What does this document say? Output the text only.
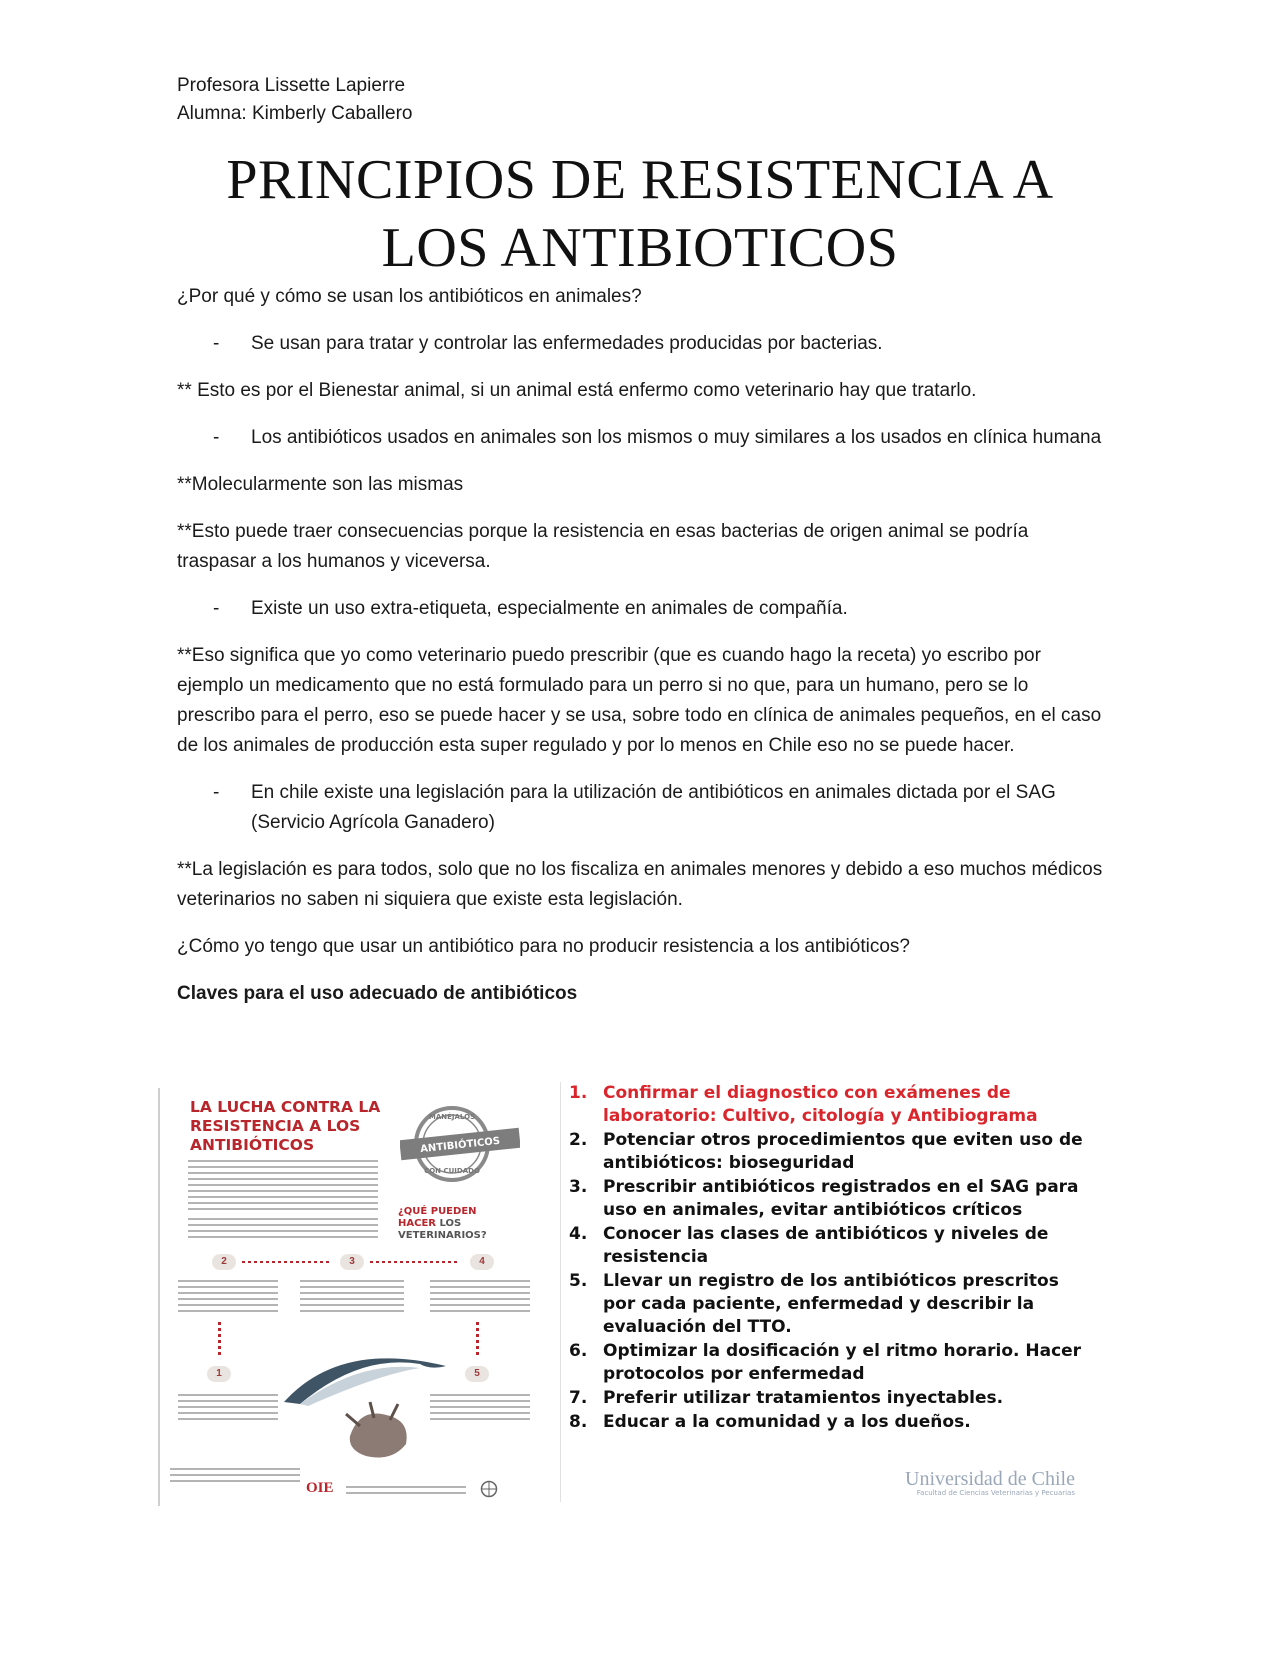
Profesora Lissette Lapierre
Alumna: Kimberly Caballero
PRINCIPIOS DE RESISTENCIA A
LOS ANTIBIOTICOS

¿Por qué y cómo se usan los antibióticos en animales?

-	Se usan para tratar y controlar las enfermedades producidas por bacterias.

** Esto es por el Bienestar animal, si un animal está enfermo como veterinario hay que tratarlo.

-	Los antibióticos usados en animales son los mismos o muy similares a los usados en clínica humana

**Molecularmente son las mismas

**Esto puede traer consecuencias porque la resistencia en esas bacterias de origen animal se podría traspasar a los humanos y viceversa.

-	Existe un uso extra-etiqueta, especialmente en animales de compañía.

**Eso significa que yo como veterinario puedo prescribir (que es cuando hago la receta) yo escribo por ejemplo un medicamento que no está formulado para un perro si no que, para un humano, pero se lo prescribo para el perro, eso se puede hacer y se usa, sobre todo en clínica de animales pequeños, en el caso de los animales de producción esta super regulado y por lo menos en Chile eso no se puede hacer.

-	En chile existe una legislación para la utilización de antibióticos en animales dictada por el SAG (Servicio Agrícola Ganadero)

**La legislación es para todos, solo que no los fiscaliza en animales menores y debido a eso muchos médicos veterinarios no saben ni siquiera que existe esta legislación.

¿Cómo yo tengo que usar un antibiótico para no producir resistencia a los antibióticos?

Claves para el uso adecuado de antibióticos

LA LUCHA CONTRA LA RESISTENCIA A LOS ANTIBIÓTICOS	ANTIBIÓTICOS
MANÉJALOS
CON CUIDADO
¿QUÉ PUEDEN HACER LOS VETERINARIOS?
2	3	4
1	5
OIE
1. Confirmar el diagnostico con exámenes de laboratorio: Cultivo, citología y Antibiograma
2. Potenciar otros procedimientos que eviten uso de antibióticos: bioseguridad
3. Prescribir antibióticos registrados en el SAG para uso en animales, evitar antibióticos críticos
4. Conocer las clases de antibióticos y niveles de resistencia
5. Llevar un registro de los antibióticos prescritos por cada paciente, enfermedad y describir la evaluación del TTO.
6. Optimizar la dosificación y el ritmo horario. Hacer protocolos por enfermedad
7. Preferir utilizar tratamientos inyectables.
8. Educar a la comunidad y a los dueños.
Universidad de Chile
Facultad de Ciencias Veterinarias y Pecuarias
